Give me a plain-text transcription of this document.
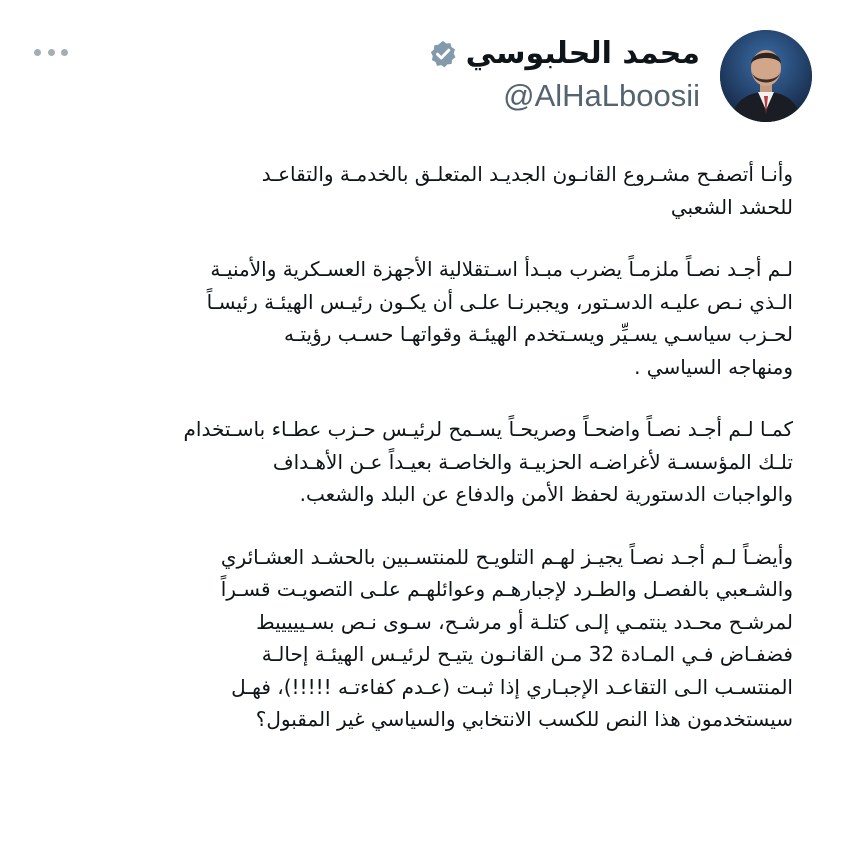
محمد الحلبوسي
@AlHaLboosii

وأنـا أتصفـح مشـروع القانـون الجديـد المتعلـق بالخدمـة والتقاعـد
للحشد الشعبي

لـم أجـد نصـاً ملزمـاً يضرب مبـدأ اسـتقلالية الأجهزة العسـكرية والأمنيـة
الـذي نـص عليـه الدسـتور، ويجبرنـا علـى أن يكـون رئيـس الهيئـة رئيسـاً
لحـزب سياسـي يسـيِّر ويسـتخدم الهيئـة وقواتهـا حسـب رؤيتـه
ومنهاجه السياسي .

كمـا لـم أجـد نصـاً واضحـاً وصريحـاً يسـمح لرئيـس حـزب عطـاء باسـتخدام
تلـك المؤسسـة لأغراضـه الحزبيـة والخاصـة بعيـداً عـن الأهـداف
والواجبات الدستورية لحفظ الأمن والدفاع عن البلد والشعب.

وأيضـاً لـم أجـد نصـاً يجيـز لهـم التلويـح للمنتسـبين بالحشـد العشـائري
والشـعبي بالفصـل والطـرد لإجبارهـم وعوائلهـم علـى التصويـت قسـراً
لمرشـح محـدد ينتمـي إلـى كتلـة أو مرشـح، سـوى نـص بسـيييييط
فضفـاض فـي المـادة 32 مـن القانـون يتيـح لرئيـس الهيئـة إحالـة
المنتسـب الـى التقاعـد الإجبـاري إذا ثبـت (عـدم كفاءتـه !!!!!)، فهـل
سيستخدمون هذا النص للكسب الانتخابي والسياسي غير المقبول؟
